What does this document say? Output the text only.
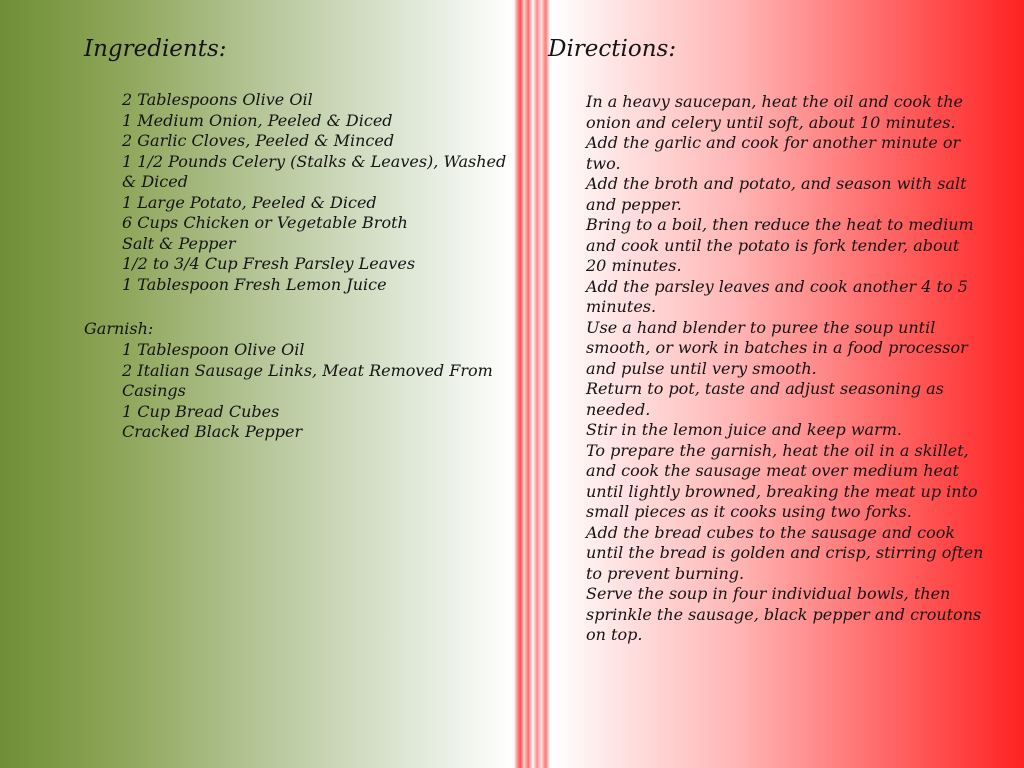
Ingredients:
2 Tablespoons Olive Oil
1 Medium Onion, Peeled & Diced
2 Garlic Cloves, Peeled & Minced
1 1/2 Pounds Celery (Stalks & Leaves), Washed & Diced
1 Large Potato, Peeled & Diced
6 Cups Chicken or Vegetable Broth
Salt & Pepper
1/2 to 3/4 Cup Fresh Parsley Leaves
1 Tablespoon Fresh Lemon Juice
Garnish:
1 Tablespoon Olive Oil
2 Italian Sausage Links, Meat Removed From Casings
1 Cup Bread Cubes
Cracked Black Pepper
Directions:
In a heavy saucepan, heat the oil and cook the onion and celery until soft, about 10 minutes.
Add the garlic and cook for another minute or two.
Add the broth and potato, and season with salt and pepper.
Bring to a boil, then reduce the heat to medium and cook until the potato is fork tender, about 20 minutes.
Add the parsley leaves and cook another 4 to 5 minutes.
Use a hand blender to puree the soup until smooth, or work in batches in a food processor and pulse until very smooth.
Return to pot, taste and adjust seasoning as needed.
Stir in the lemon juice and keep warm.
To prepare the garnish, heat the oil in a skillet, and cook the sausage meat over medium heat until lightly browned, breaking the meat up into small pieces as it cooks using two forks.
Add the bread cubes to the sausage and cook until the bread is golden and crisp, stirring often to prevent burning.
Serve the soup in four individual bowls, then sprinkle the sausage, black pepper and croutons on top.
